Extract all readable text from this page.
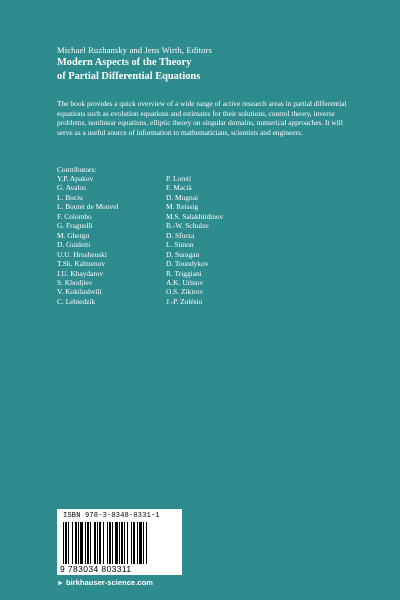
Michael Ruzhansky and Jens Wirth, Editors
Modern Aspects of the Theory
of Partial Differential Equations
The book provides a quick overview of a wide range of active research areas in partial differential equations such as evolution equations and estimates for their solutions, control theory, inverse problems, nonlinear equations, elliptic theory on singular domains, numerical approaches. It will serve as a useful source of information to mathematicians, scientists and engineers.
Contributors:
Y.P. Apakov
G. Avalos
L. Bociu
L. Boutet de Monvel
F. Colombo
G. Fragnelli
M. Ghergu
D. Guidetti
U.U. Hrusheuski
T.Sh. Kalmenov
I.U. Khaydarov
S. Khodjiev
V. Kokilashvili
C. Lebiedzik
P. Loreti
F. Macià
D. Mugnai
M. Reissig
M.S. Salakhitdinov
B.-W. Schulze
D. Sforza
L. Simon
D. Suragan
D. Toundykov
R. Triggiani
A.K. Urinov
O.S. Zikirov
J.-P. Zolésio
ISBN 978-3-0348-0331-1
9 783034 803311
► birkhauser-science.com
